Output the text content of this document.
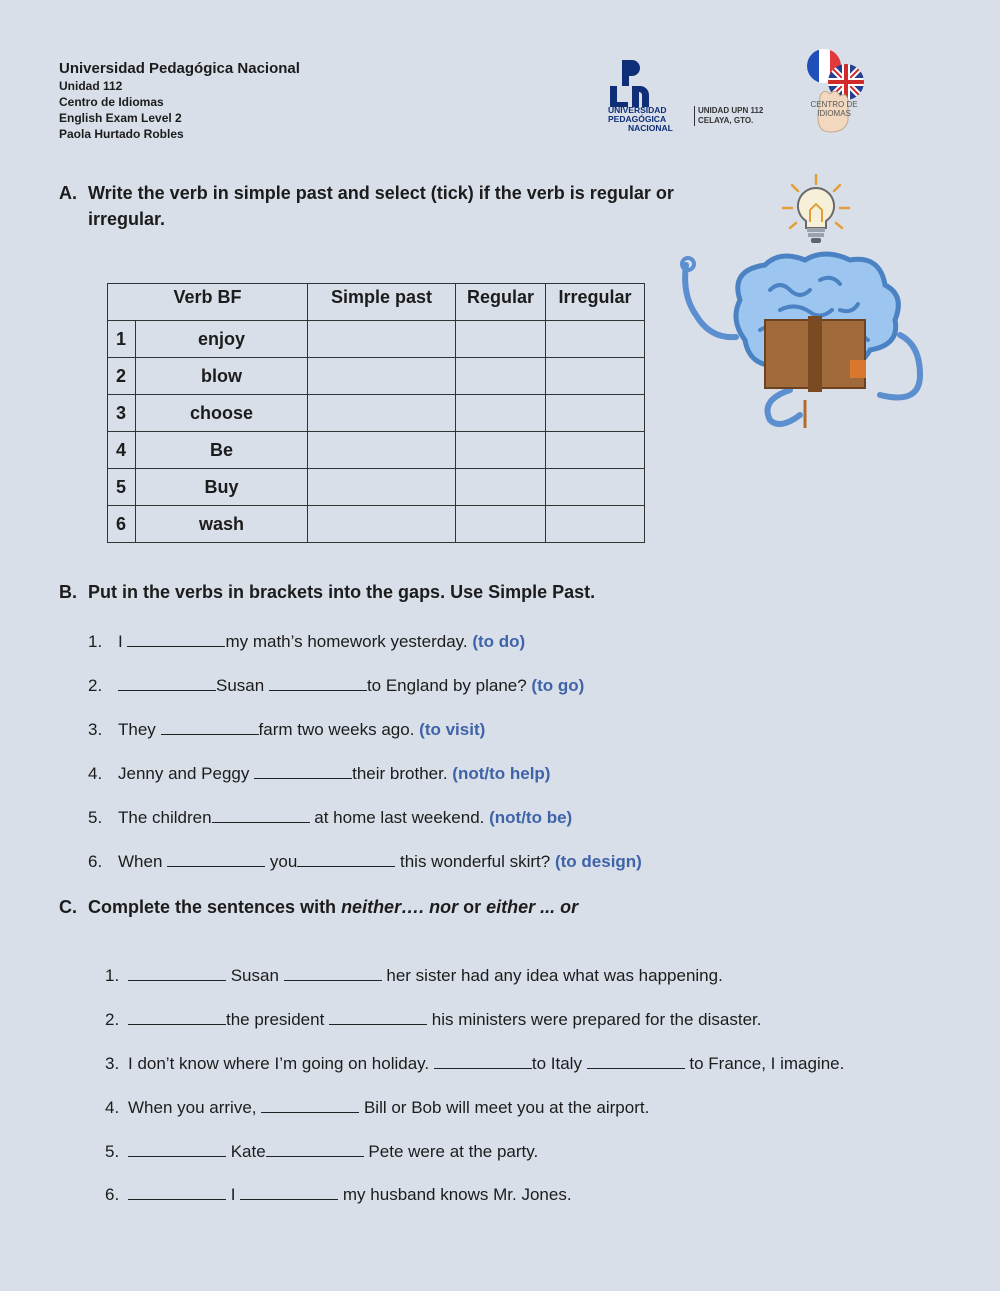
Universidad Pedagógica Nacional
Unidad 112
Centro de Idiomas
English Exam Level 2
Paola Hurtado Robles
UNIVERSIDAD
PEDAGÓGICA
NACIONAL
UNIDAD UPN 112
CELAYA, GTO.
CENTRO DE
IDIOMAS
A. Write the verb in simple past and select (tick) if the verb is regular or
irregular.
Verb BF		Simple past	Regular	Irregular
1	enjoy			
2	blow			
3	choose			
4	Be			
5	Buy			
6	wash			
B. Put in the verbs in brackets into the gaps. Use Simple Past.
1. I	my math’s homework yesterday. (to do)
2.	Susan	to England by plane? (to go)
3. They	farm two weeks ago. (to visit)
4. Jenny and Peggy	their brother. (not/to help)
5. The children	at home last weekend. (not/to be)
6. When	you	this wonderful skirt? (to design)
C. Complete the sentences with neither…. nor or either ... or
1.	Susan	her sister had any idea what was happening.
2.	the president	his ministers were prepared for the disaster.
3. I don’t know where I’m going on holiday.	to Italy	to France, I imagine.
4. When you arrive,	Bill or Bob will meet you at the airport.
5.	Kate	Pete were at the party.
6.	I	my husband knows Mr. Jones.
